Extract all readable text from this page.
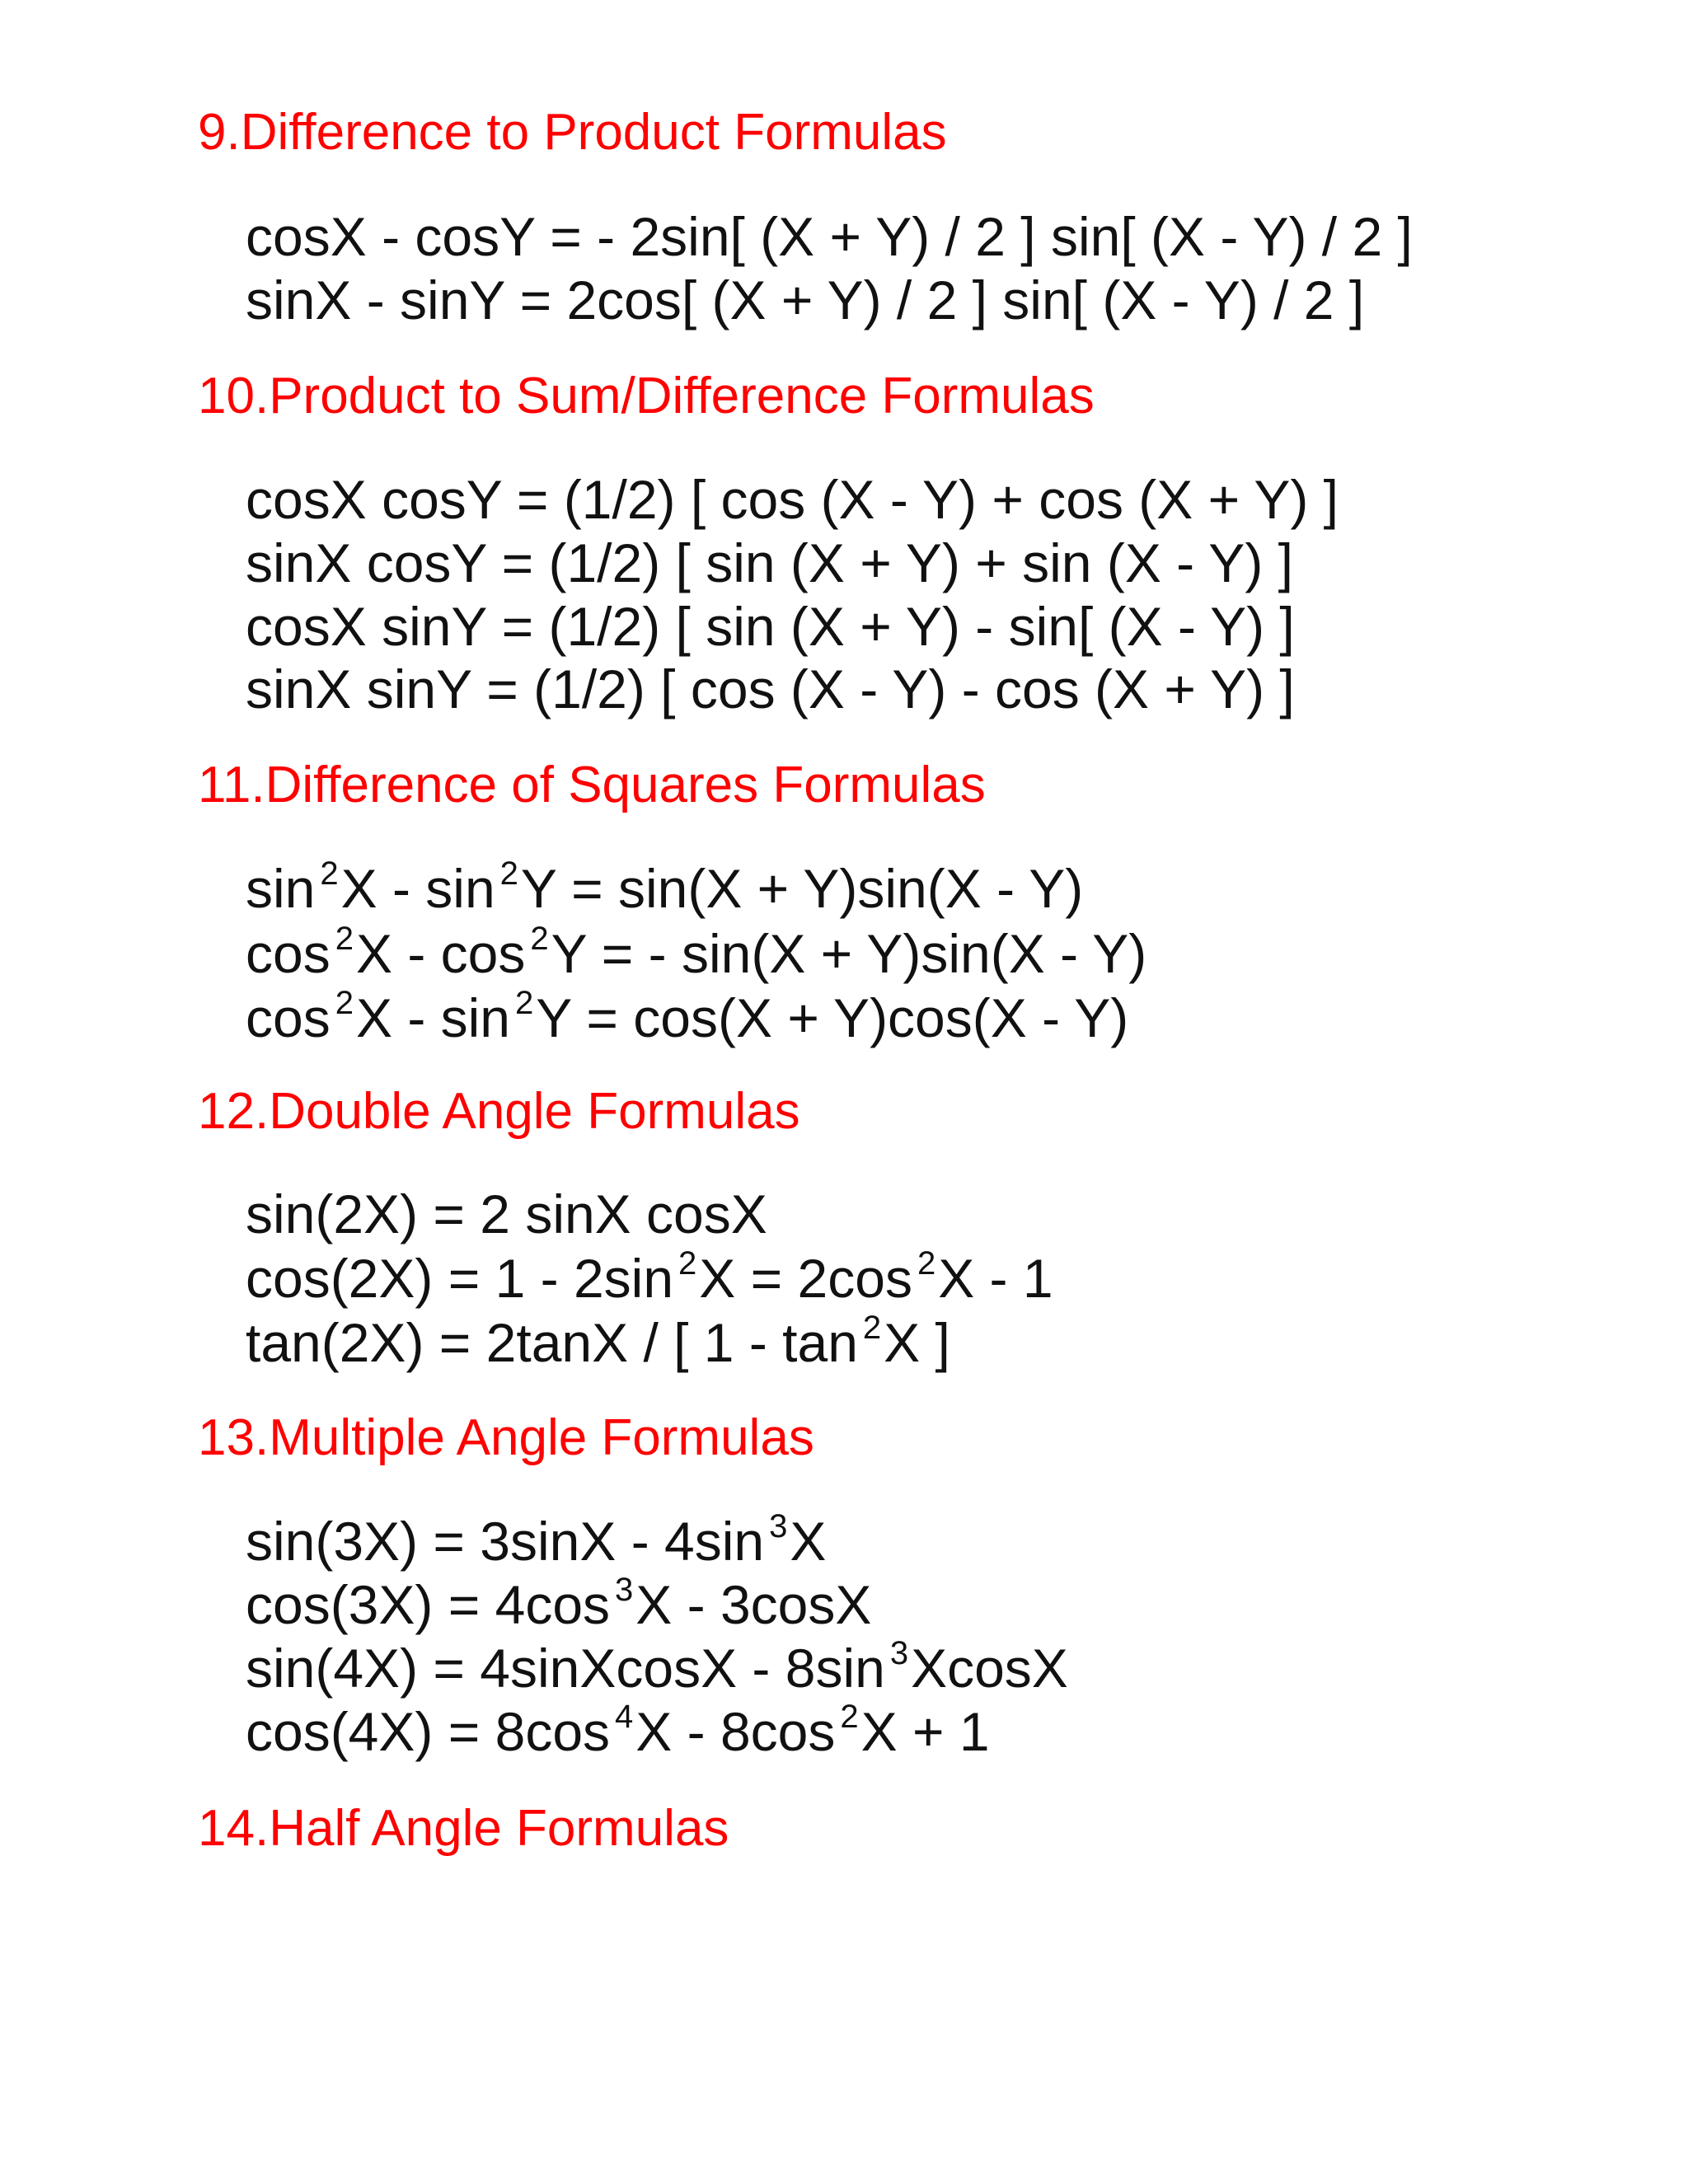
9.Difference to Product Formulas
cosX - cosY = - 2sin[ (X + Y) / 2 ] sin[ (X - Y) / 2 ]
sinX - sinY = 2cos[ (X + Y) / 2 ] sin[ (X - Y) / 2 ]
10.Product to Sum/Difference Formulas
cosX cosY = (1/2) [ cos (X - Y) + cos (X + Y) ]
sinX cosY = (1/2) [ sin (X + Y) + sin (X - Y) ]
cosX sinY = (1/2) [ sin (X + Y) - sin[ (X - Y) ]
sinX sinY = (1/2) [ cos (X - Y) - cos (X + Y) ]
11.Difference of Squares Formulas
sin $^2$X - sin $^2$Y = sin(X + Y)sin(X - Y)
cos $^2$X - cos $^2$Y = - sin(X + Y)sin(X - Y)
cos $^2$X - sin $^2$Y = cos(X + Y)cos(X - Y)
12.Double Angle Formulas
sin(2X) = 2 sinX cosX
cos(2X) = 1 - 2sin $^2$X = 2cos $^2$X - 1
tan(2X) = 2tanX / [ 1 - tan $^2$X ]
13.Multiple Angle Formulas
sin(3X) = 3sinX - 4sin $^3$X
cos(3X) = 4cos $^3$X - 3cosX
sin(4X) = 4sinXcosX - 8sin $^3$XcosX
cos(4X) = 8cos $^4$X - 8cos $^2$X + 1
14.Half Angle Formulas
